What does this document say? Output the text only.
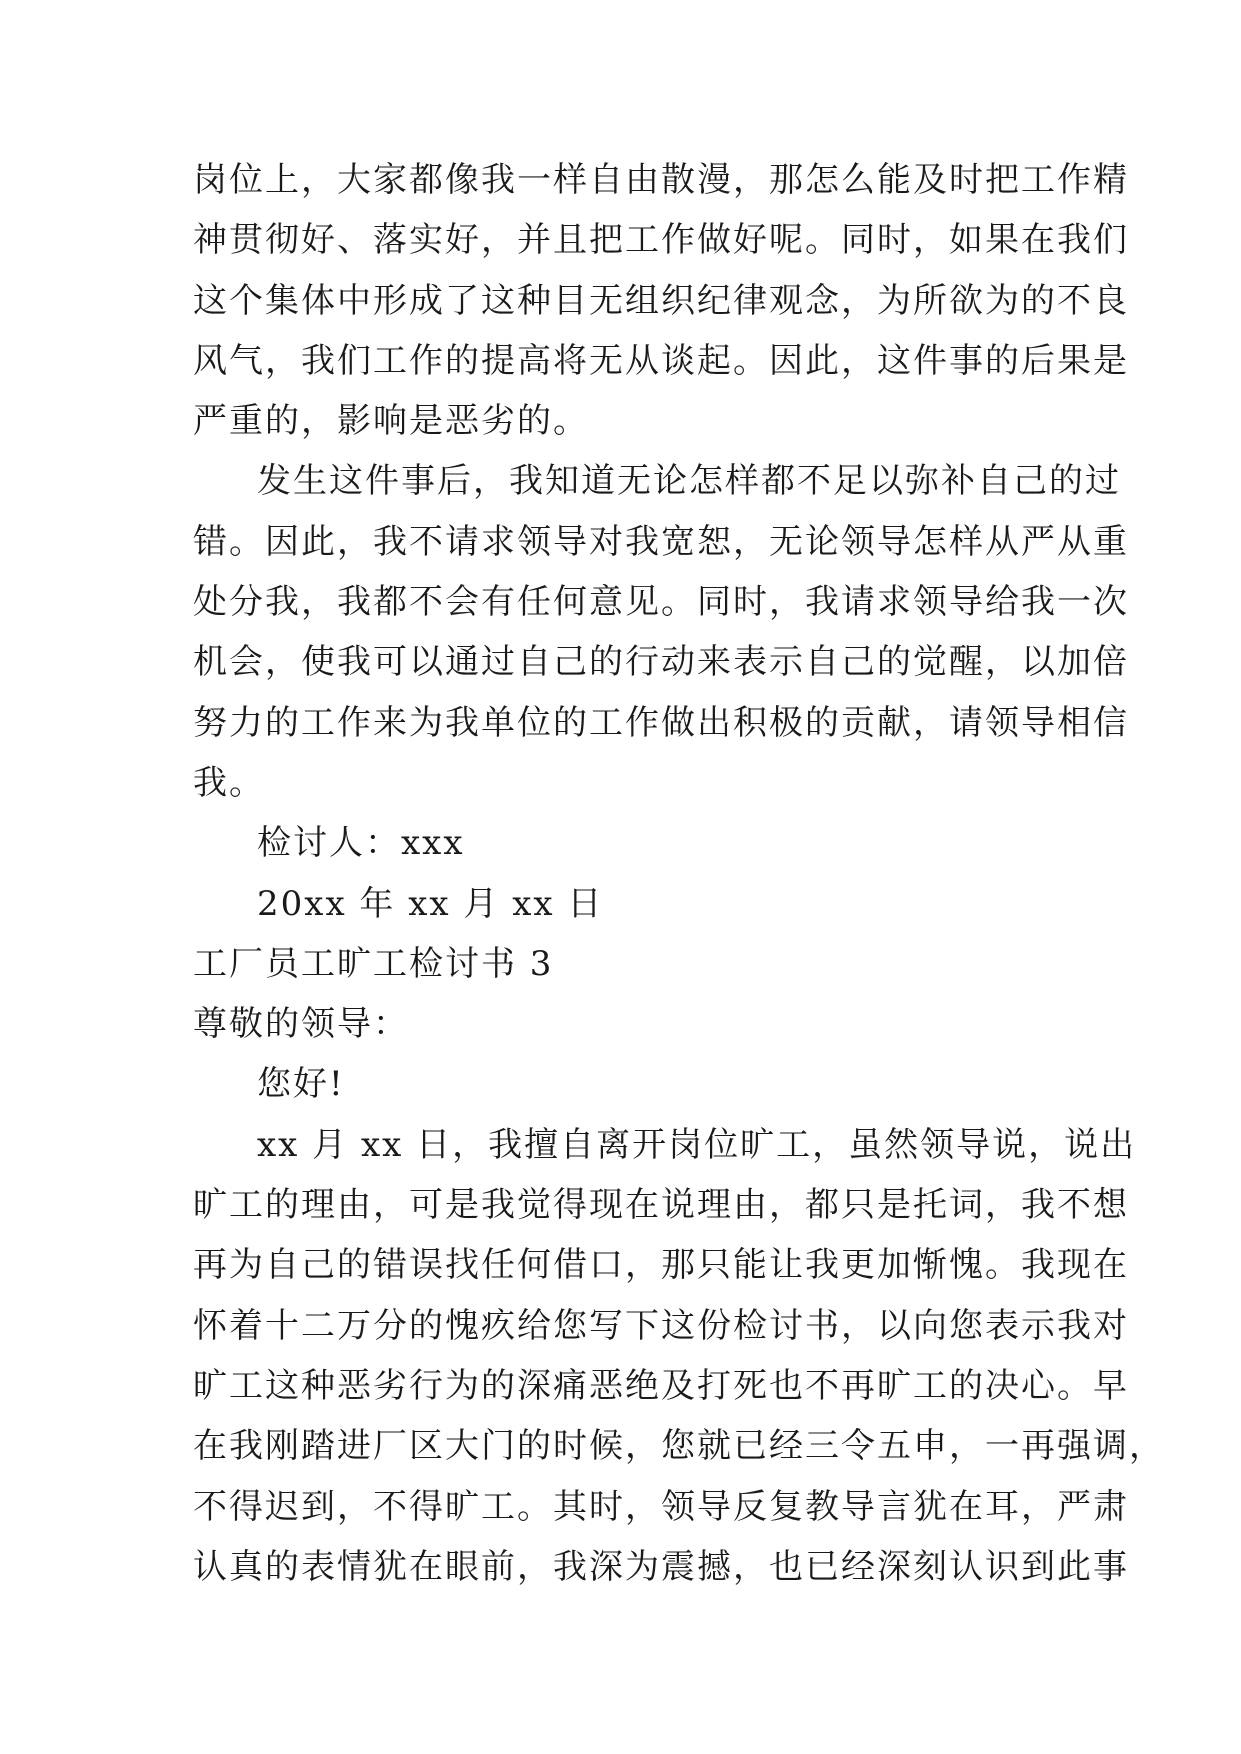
岗位上，大家都像我一样自由散漫，那怎么能及时把工作精
神贯彻好、落实好，并且把工作做好呢。同时，如果在我们
这个集体中形成了这种目无组织纪律观念，为所欲为的不良
风气，我们工作的提高将无从谈起。因此，这件事的后果是
严重的，影响是恶劣的。
发生这件事后，我知道无论怎样都不足以弥补自己的过
错。因此，我不请求领导对我宽恕，无论领导怎样从严从重
处分我，我都不会有任何意见。同时，我请求领导给我一次
机会，使我可以通过自己的行动来表示自己的觉醒，以加倍
努力的工作来为我单位的工作做出积极的贡献，请领导相信
我。
检讨人：xxx
20xx 年 xx 月 xx 日
工厂员工旷工检讨书 3
尊敬的领导：
您好!
xx 月 xx 日，我擅自离开岗位旷工，虽然领导说，说出
旷工的理由，可是我觉得现在说理由，都只是托词，我不想
再为自己的错误找任何借口，那只能让我更加惭愧。我现在
怀着十二万分的愧疚给您写下这份检讨书，以向您表示我对
旷工这种恶劣行为的深痛恶绝及打死也不再旷工的决心。早
在我刚踏进厂区大门的时候，您就已经三令五申，一再强调，
不得迟到，不得旷工。其时，领导反复教导言犹在耳，严肃
认真的表情犹在眼前，我深为震撼，也已经深刻认识到此事
